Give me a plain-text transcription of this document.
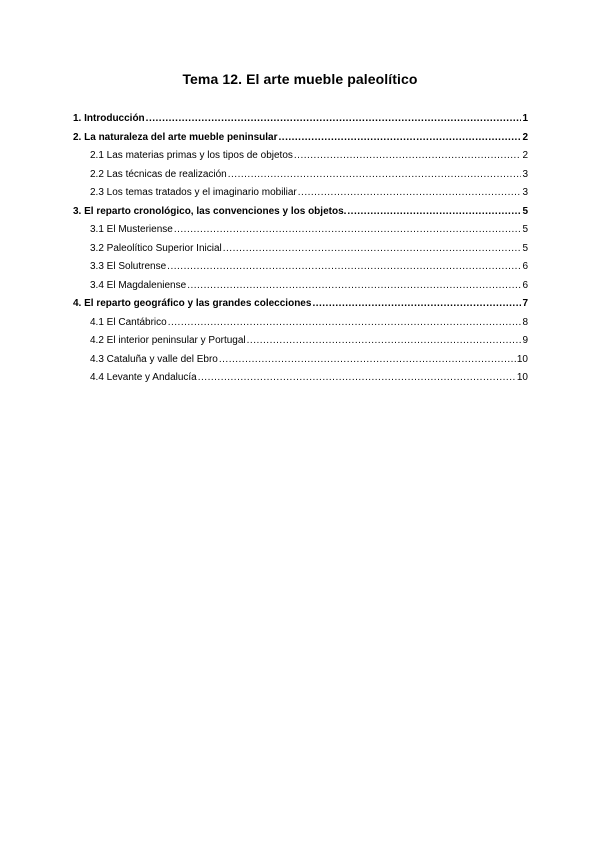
Tema 12. El arte mueble paleolítico
1. Introducción .....	1
2. La naturaleza del arte mueble peninsular .....	2
2.1 Las materias primas y los tipos de objetos .....	2
2.2 Las técnicas de realización .....	3
2.3 Los temas tratados y el imaginario mobiliar .....	3
3. El reparto cronológico, las convenciones y los objetos. .....	5
3.1 El Musteriense .....	5
3.2 Paleolítico Superior Inicial .....	5
3.3 El Solutrense .....	6
3.4 El Magdaleniense .....	6
4. El reparto geográfico y las grandes colecciones .....	7
4.1 El Cantábrico .....	8
4.2 El interior peninsular y Portugal .....	9
4.3 Cataluña y valle del Ebro .....	10
4.4 Levante y Andalucía .....	10
